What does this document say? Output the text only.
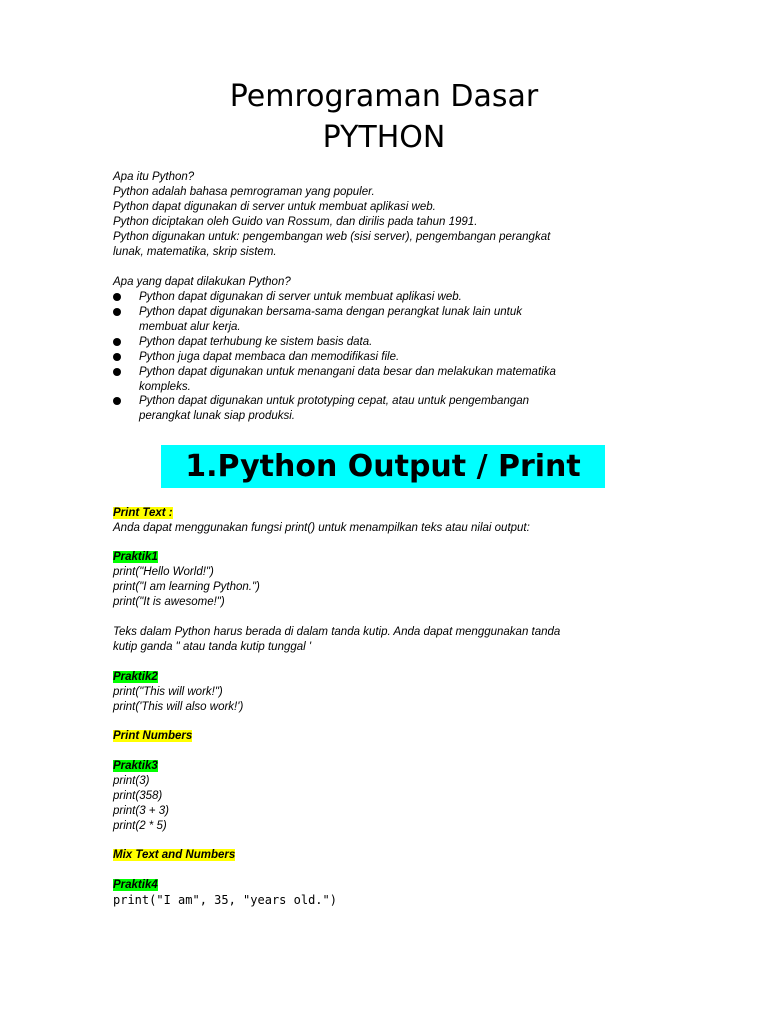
Pemrograman Dasar
PYTHON
Apa itu Python?
Python adalah bahasa pemrograman yang populer.
Python dapat digunakan di server untuk membuat aplikasi web.
Python diciptakan oleh Guido van Rossum, dan dirilis pada tahun 1991.
Python digunakan untuk: pengembangan web (sisi server), pengembangan perangkat
lunak, matematika, skrip sistem.
Apa yang dapat dilakukan Python?
Python dapat digunakan di server untuk membuat aplikasi web.
Python dapat digunakan bersama-sama dengan perangkat lunak lain untuk
membuat alur kerja.
Python dapat terhubung ke sistem basis data.
Python juga dapat membaca dan memodifikasi file.
Python dapat digunakan untuk menangani data besar dan melakukan matematika
kompleks.
Python dapat digunakan untuk prototyping cepat, atau untuk pengembangan
perangkat lunak siap produksi.
1.Python Output / Print
Print Text :
Anda dapat menggunakan fungsi print() untuk menampilkan teks atau nilai output:
Praktik1
print("Hello World!")
print("I am learning Python.")
print("It is awesome!")
Teks dalam Python harus berada di dalam tanda kutip. Anda dapat menggunakan tanda
kutip ganda " atau tanda kutip tunggal '
Praktik2
print("This will work!")
print('This will also work!')
Print Numbers
Praktik3
print(3)
print(358)
print(3 + 3)
print(2 * 5)
Mix Text and Numbers
Praktik4
print("I am", 35, "years old.")
